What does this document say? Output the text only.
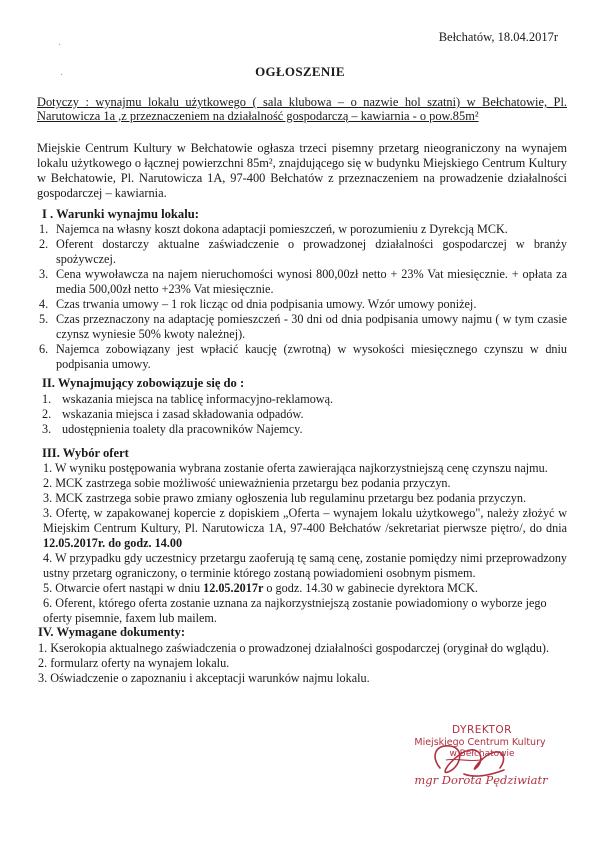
Bełchatów, 18.04.2017r
·
·	OGŁOSZENIE
Dotyczy : wynajmu lokalu użytkowego ( sala klubowa – o nazwie hol szatni) w Bełchatowie, Pl. Narutowicza 1a ,z przeznaczeniem na działalność gospodarczą – kawiarnia - o pow.85m²
Miejskie Centrum Kultury w Bełchatowie ogłasza trzeci pisemny przetarg nieograniczony na wynajem lokalu użytkowego o łącznej powierzchni 85m², znajdującego się w budynku Miejskiego Centrum Kultury w Bełchatowie, Pl. Narutowicza 1A, 97-400 Bełchatów z przeznaczeniem na prowadzenie działalności gospodarczej – kawiarnia.
I . Warunki wynajmu lokalu:
1. Najemca na własny koszt dokona adaptacji pomieszczeń, w porozumieniu z Dyrekcją MCK.
2. Oferent dostarczy aktualne zaświadczenie o prowadzonej działalności gospodarczej w branży spożywczej.
3. Cena wywoławcza na najem nieruchomości wynosi 800,00zł netto + 23% Vat miesięcznie. + opłata za media 500,00zł netto +23% Vat miesięcznie.
4. Czas trwania umowy – 1 rok licząc od dnia podpisania umowy. Wzór umowy poniżej.
5. Czas przeznaczony na adaptację pomieszczeń - 30 dni od dnia podpisania umowy najmu ( w tym czasie czynsz wyniesie 50% kwoty należnej).
6. Najemca zobowiązany jest wpłacić kaucję (zwrotną) w wysokości miesięcznego czynszu w dniu podpisania umowy.
II. Wynajmujący zobowiązuje się do :
1. wskazania miejsca na tablicę informacyjno-reklamową.
2. wskazania miejsca i zasad składowania odpadów.
3. udostępnienia toalety dla pracowników Najemcy.
III. Wybór ofert
1. W wyniku postępowania wybrana zostanie oferta zawierająca najkorzystniejszą cenę czynszu najmu.
2. MCK zastrzega sobie możliwość unieważnienia przetargu bez podania przyczyn.
3. MCK zastrzega sobie prawo zmiany ogłoszenia lub regulaminu przetargu bez podania przyczyn.
3. Ofertę, w zapakowanej kopercie z dopiskiem „Oferta – wynajem lokalu użytkowego", należy złożyć w Miejskim Centrum Kultury, Pl. Narutowicza 1A, 97-400 Bełchatów /sekretariat pierwsze piętro/, do dnia 12.05.2017r. do godz. 14.00
4. W przypadku gdy uczestnicy przetargu zaoferują tę samą cenę, zostanie pomiędzy nimi przeprowadzony ustny przetarg ograniczony, o terminie którego zostaną powiadomieni osobnym pismem.
5. Otwarcie ofert nastąpi w dniu 12.05.2017r o godz. 14.30 w gabinecie dyrektora MCK.
6. Oferent, którego oferta zostanie uznana za najkorzystniejszą zostanie powiadomiony o wyborze jego oferty pisemnie, faxem lub mailem.
IV. Wymagane dokumenty:
1. Kserokopia aktualnego zaświadczenia o prowadzonej działalności gospodarczej (oryginał do wglądu).
2. formularz oferty na wynajem lokalu.
3. Oświadczenie o zapoznaniu i akceptacji warunków najmu lokalu.
DYREKTOR
Miejskiego Centrum Kultury
w Bełchatowie
mgr Dorota Pędziwiatr
